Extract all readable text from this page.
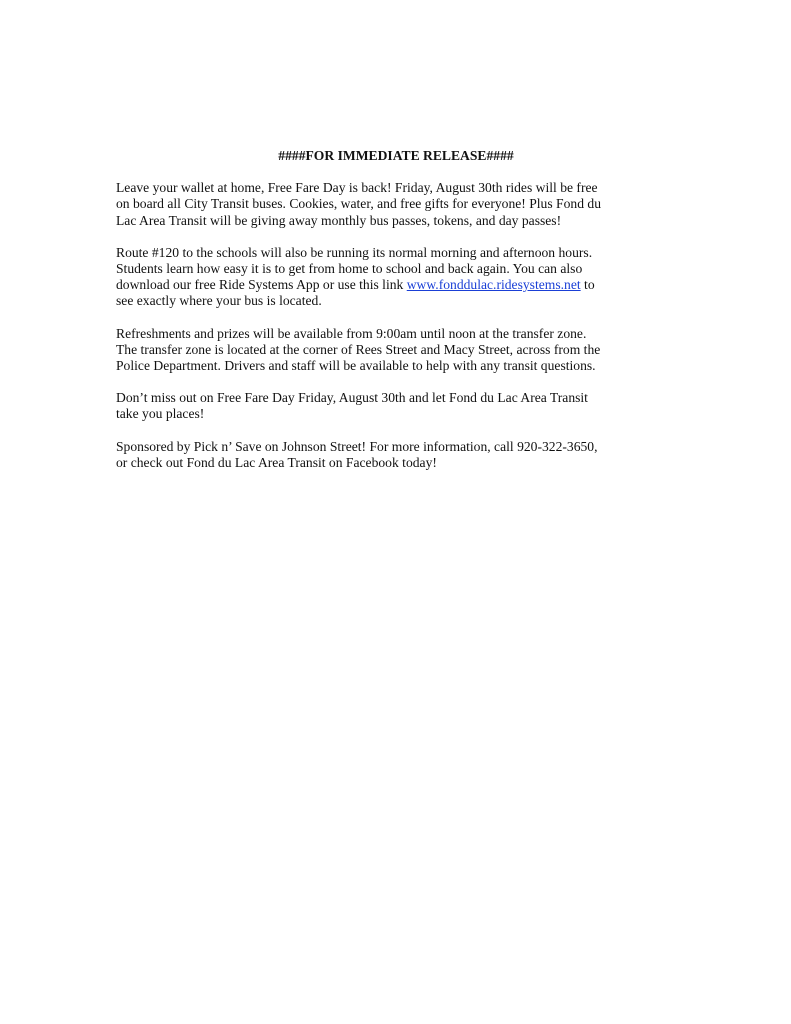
####FOR IMMEDIATE RELEASE####
Leave your wallet at home, Free Fare Day is back! Friday, August 30th rides will be free
on board all City Transit buses. Cookies, water, and free gifts for everyone! Plus Fond du
Lac Area Transit will be giving away monthly bus passes, tokens, and day passes!
Route #120 to the schools will also be running its normal morning and afternoon hours.
Students learn how easy it is to get from home to school and back again. You can also
download our free Ride Systems App or use this link www.fonddulac.ridesystems.net to
see exactly where your bus is located.
Refreshments and prizes will be available from 9:00am until noon at the transfer zone.
The transfer zone is located at the corner of Rees Street and Macy Street, across from the
Police Department. Drivers and staff will be available to help with any transit questions.
Don’t miss out on Free Fare Day Friday, August 30th and let Fond du Lac Area Transit
take you places!
Sponsored by Pick n’ Save on Johnson Street! For more information, call 920-322-3650,
or check out Fond du Lac Area Transit on Facebook today!
